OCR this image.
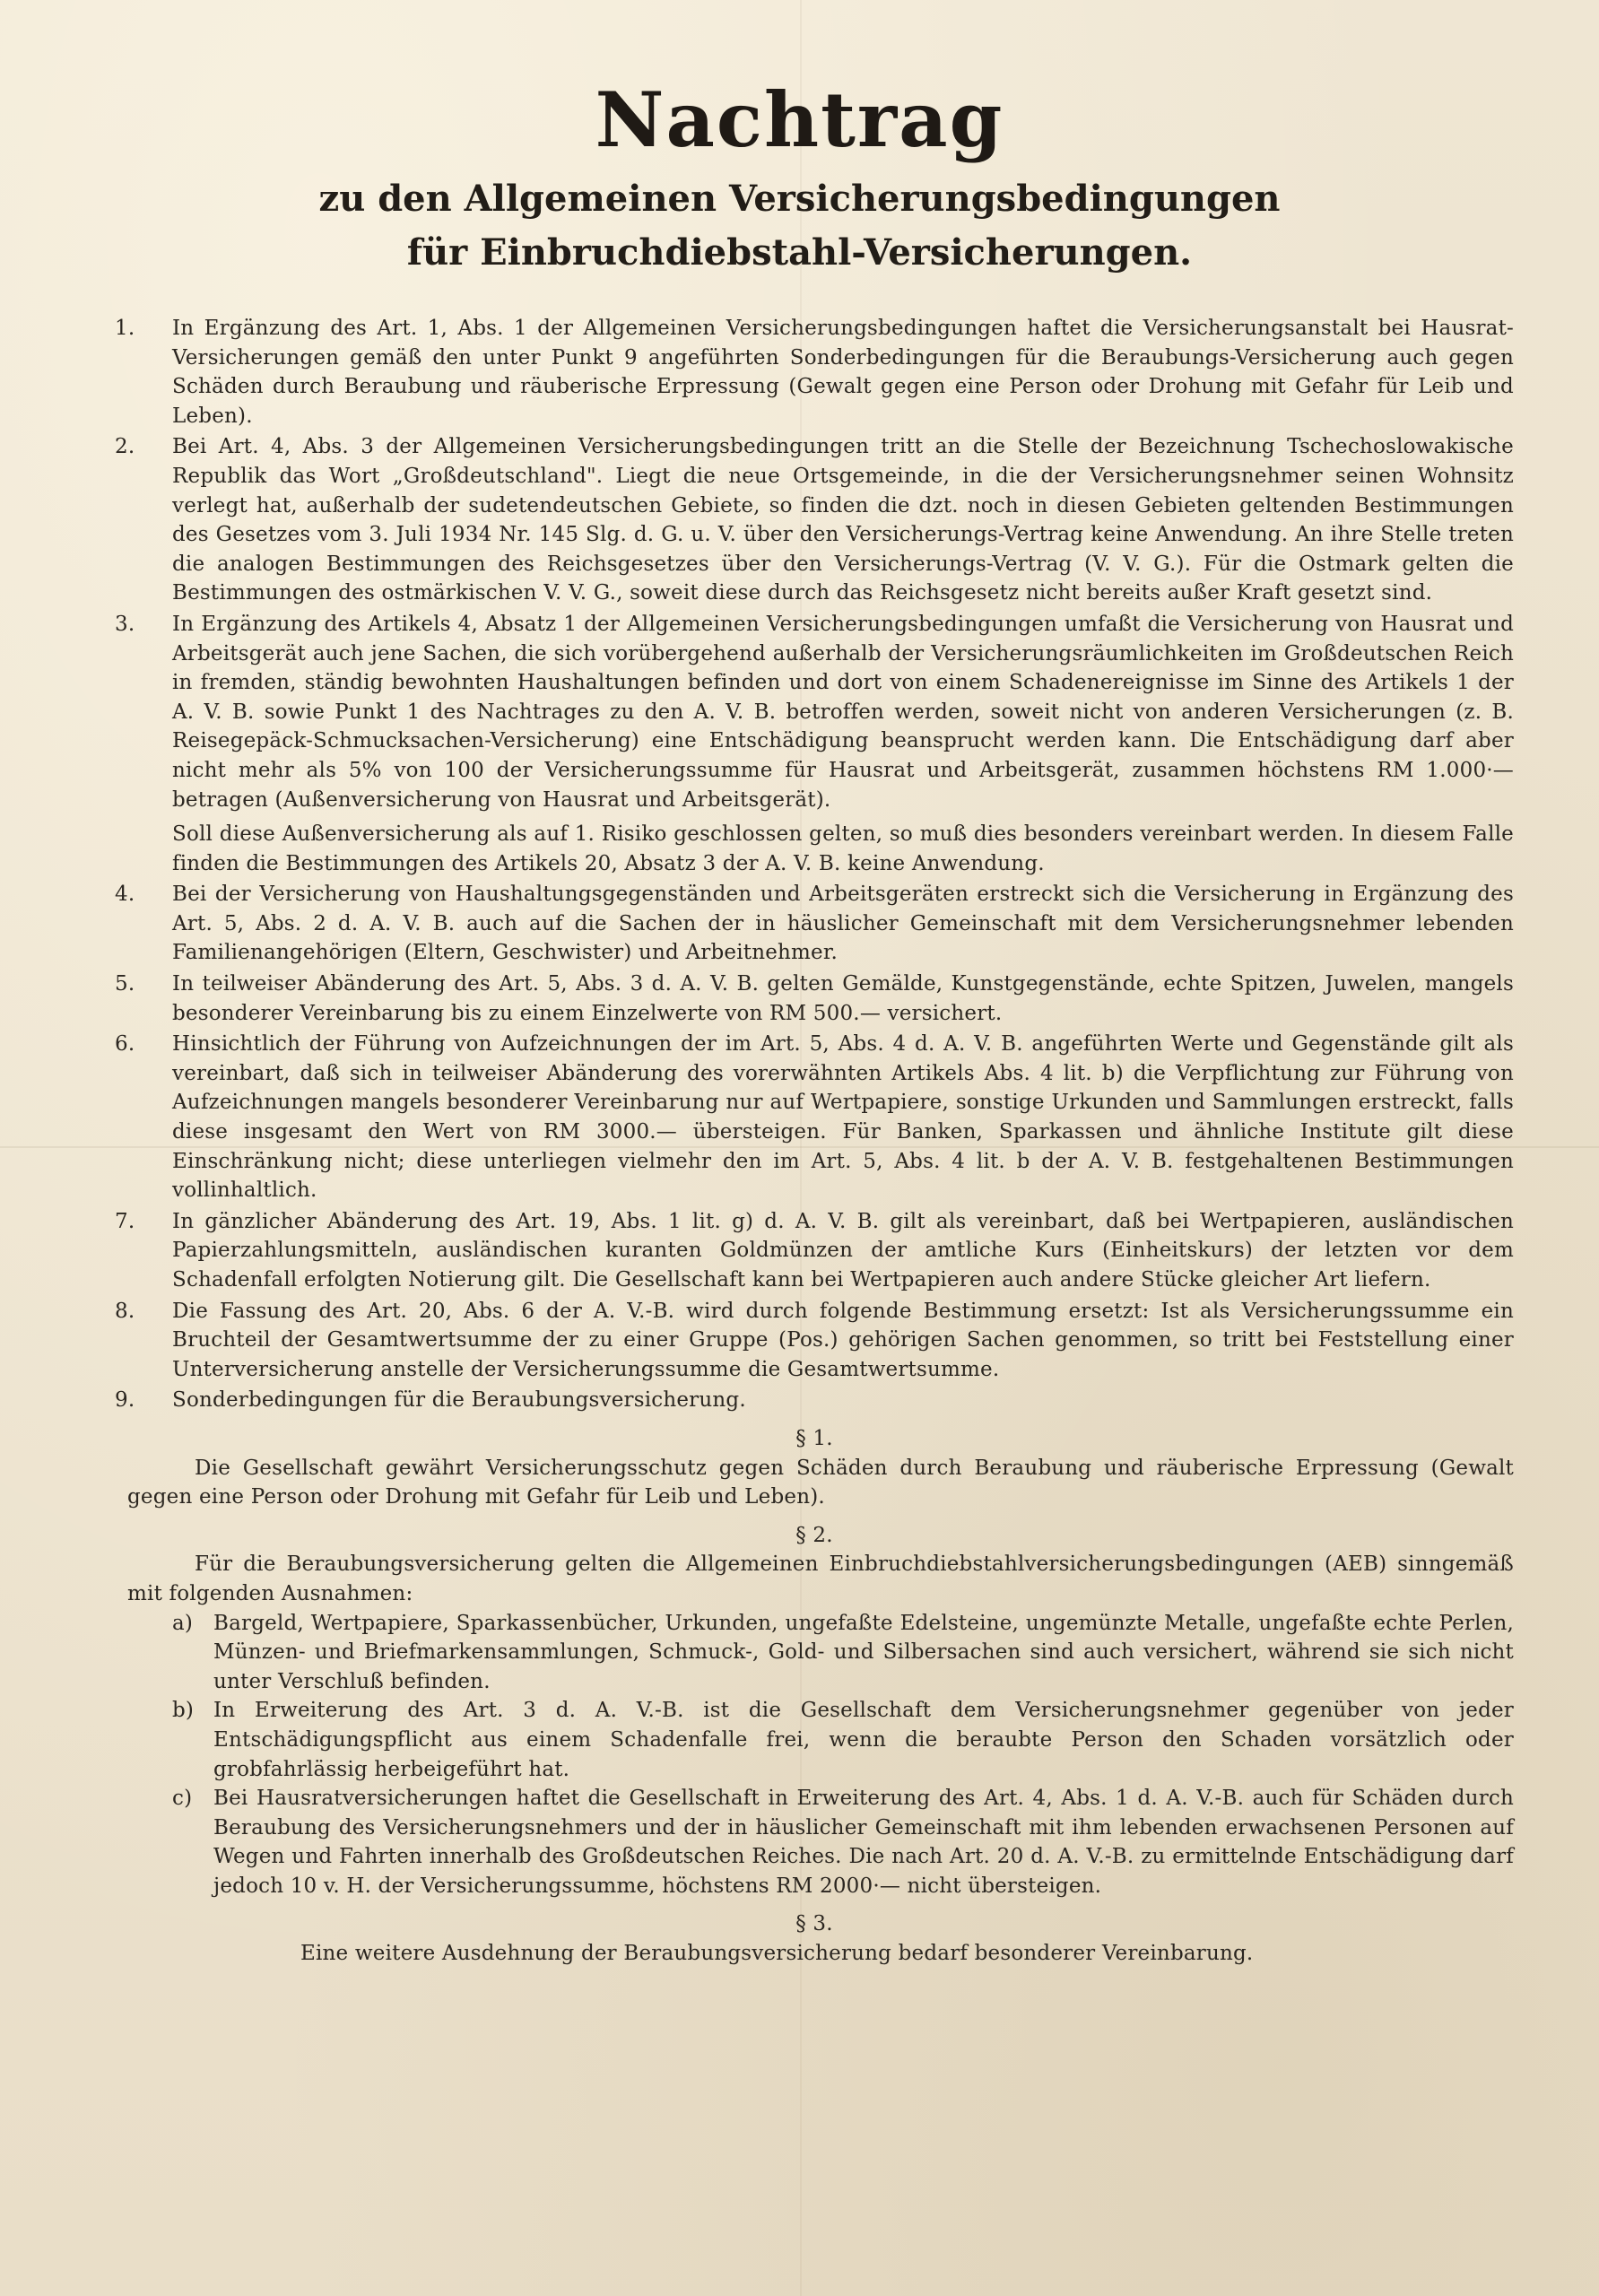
Nachtrag
zu den Allgemeinen Versicherungsbedingungen
für Einbruchdiebstahl-Versicherungen.
1.	In Ergänzung des Art. 1, Abs. 1 der Allgemeinen Versicherungsbedingungen haftet die Versicherungsanstalt bei Hausrat-Versicherungen gemäß den unter Punkt 9 angeführten Sonderbedingungen für die Beraubungs-Versicherung auch gegen Schäden durch Beraubung und räuberische Erpressung (Gewalt gegen eine Person oder Drohung mit Gefahr für Leib und Leben).
2.	Bei Art. 4, Abs. 3 der Allgemeinen Versicherungsbedingungen tritt an die Stelle der Bezeichnung Tschechoslowakische Republik das Wort „Großdeutschland". Liegt die neue Ortsgemeinde, in die der Versicherungsnehmer seinen Wohnsitz verlegt hat, außerhalb der sudetendeutschen Gebiete, so finden die dzt. noch in diesen Gebieten geltenden Bestimmungen des Gesetzes vom 3. Juli 1934 Nr. 145 Slg. d. G. u. V. über den Versicherungs-Vertrag keine Anwendung. An ihre Stelle treten die analogen Bestimmungen des Reichsgesetzes über den Versicherungs-Vertrag (V. V. G.). Für die Ostmark gelten die Bestimmungen des ostmärkischen V. V. G., soweit diese durch das Reichsgesetz nicht bereits außer Kraft gesetzt sind.
3.	In Ergänzung des Artikels 4, Absatz 1 der Allgemeinen Versicherungsbedingungen umfaßt die Versicherung von Hausrat und Arbeitsgerät auch jene Sachen, die sich vorübergehend außerhalb der Versicherungsräumlichkeiten im Großdeutschen Reich in fremden, ständig bewohnten Haushaltungen befinden und dort von einem Schadenereignisse im Sinne des Artikels 1 der A. V. B. sowie Punkt 1 des Nachtrages zu den A. V. B. betroffen werden, soweit nicht von anderen Versicherungen (z. B. Reisegepäck-Schmucksachen-Versicherung) eine Entschädigung beansprucht werden kann. Die Entschädigung darf aber nicht mehr als 5% von 100 der Versicherungssumme für Hausrat und Arbeitsgerät, zusammen höchstens RM 1.000·— betragen (Außenversicherung von Hausrat und Arbeitsgerät).
Soll diese Außenversicherung als auf 1. Risiko geschlossen gelten, so muß dies besonders vereinbart werden. In diesem Falle finden die Bestimmungen des Artikels 20, Absatz 3 der A. V. B. keine Anwendung.
4.	Bei der Versicherung von Haushaltungsgegenständen und Arbeitsgeräten erstreckt sich die Versicherung in Ergänzung des Art. 5, Abs. 2 d. A. V. B. auch auf die Sachen der in häuslicher Gemeinschaft mit dem Versicherungsnehmer lebenden Familienangehörigen (Eltern, Geschwister) und Arbeitnehmer.
5.	In teilweiser Abänderung des Art. 5, Abs. 3 d. A. V. B. gelten Gemälde, Kunstgegenstände, echte Spitzen, Juwelen, mangels besonderer Vereinbarung bis zu einem Einzelwerte von RM 500.— versichert.
6.	Hinsichtlich der Führung von Aufzeichnungen der im Art. 5, Abs. 4 d. A. V. B. angeführten Werte und Gegenstände gilt als vereinbart, daß sich in teilweiser Abänderung des vorerwähnten Artikels Abs. 4 lit. b) die Verpflichtung zur Führung von Aufzeichnungen mangels besonderer Vereinbarung nur auf Wertpapiere, sonstige Urkunden und Sammlungen erstreckt, falls diese insgesamt den Wert von RM 3000.— übersteigen. Für Banken, Sparkassen und ähnliche Institute gilt diese Einschränkung nicht; diese unterliegen vielmehr den im Art. 5, Abs. 4 lit. b der A. V. B. festgehaltenen Bestimmungen vollinhaltlich.
7.	In gänzlicher Abänderung des Art. 19, Abs. 1 lit. g) d. A. V. B. gilt als vereinbart, daß bei Wertpapieren, ausländischen Papierzahlungsmitteln, ausländischen kuranten Goldmünzen der amtliche Kurs (Einheitskurs) der letzten vor dem Schadenfall erfolgten Notierung gilt. Die Gesellschaft kann bei Wertpapieren auch andere Stücke gleicher Art liefern.
8.	Die Fassung des Art. 20, Abs. 6 der A. V.-B. wird durch folgende Bestimmung ersetzt: Ist als Versicherungssumme ein Bruchteil der Gesamtwertsumme der zu einer Gruppe (Pos.) gehörigen Sachen genommen, so tritt bei Feststellung einer Unterversicherung anstelle der Versicherungssumme die Gesamtwertsumme.
9.	Sonderbedingungen für die Beraubungsversicherung.
§ 1.
Die Gesellschaft gewährt Versicherungsschutz gegen Schäden durch Beraubung und räuberische Erpressung (Gewalt gegen eine Person oder Drohung mit Gefahr für Leib und Leben).
§ 2.
Für die Beraubungsversicherung gelten die Allgemeinen Einbruchdiebstahlversicherungsbedingungen (AEB) sinngemäß mit folgenden Ausnahmen:
a) Bargeld, Wertpapiere, Sparkassenbücher, Urkunden, ungefaßte Edelsteine, ungemünzte Metalle, ungefaßte echte Perlen, Münzen- und Briefmarkensammlungen, Schmuck-, Gold- und Silbersachen sind auch versichert, während sie sich nicht unter Verschluß befinden.
b) In Erweiterung des Art. 3 d. A. V.-B. ist die Gesellschaft dem Versicherungsnehmer gegenüber von jeder Entschädigungspflicht aus einem Schadenfalle frei, wenn die beraubte Person den Schaden vorsätzlich oder grobfahrlässig herbeigeführt hat.
c) Bei Hausratversicherungen haftet die Gesellschaft in Erweiterung des Art. 4, Abs. 1 d. A. V.-B. auch für Schäden durch Beraubung des Versicherungsnehmers und der in häuslicher Gemeinschaft mit ihm lebenden erwachsenen Personen auf Wegen und Fahrten innerhalb des Großdeutschen Reiches. Die nach Art. 20 d. A. V.-B. zu ermittelnde Entschädigung darf jedoch 10 v. H. der Versicherungssumme, höchstens RM 2000·— nicht übersteigen.
§ 3.
Eine weitere Ausdehnung der Beraubungsversicherung bedarf besonderer Vereinbarung.
